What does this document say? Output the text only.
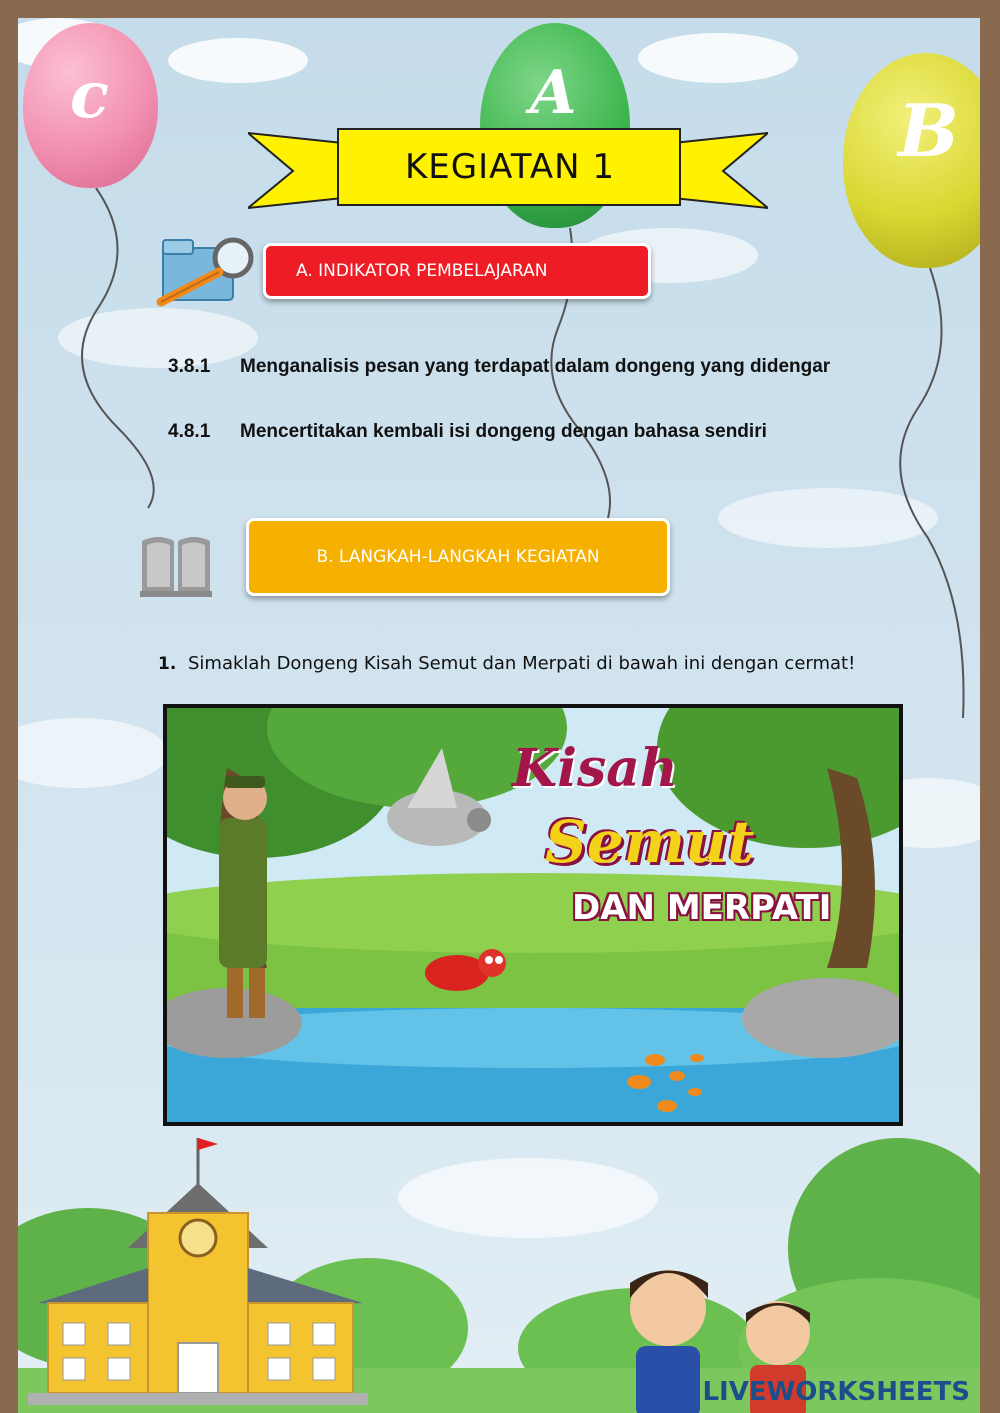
c	A	B
KEGIATAN 1
A. INDIKATOR PEMBELAJARAN
3.8.1 Menganalisis pesan yang terdapat dalam dongeng yang didengar
4.8.1 Mencertitakan kembali isi dongeng dengan bahasa sendiri
B. LANGKAH-LANGKAH KEGIATAN
1. Simaklah Dongeng Kisah Semut dan Merpati di bawah ini dengan cermat!
Kisah
Semut
DAN MERPATI
LIVEWORKSHEETS
